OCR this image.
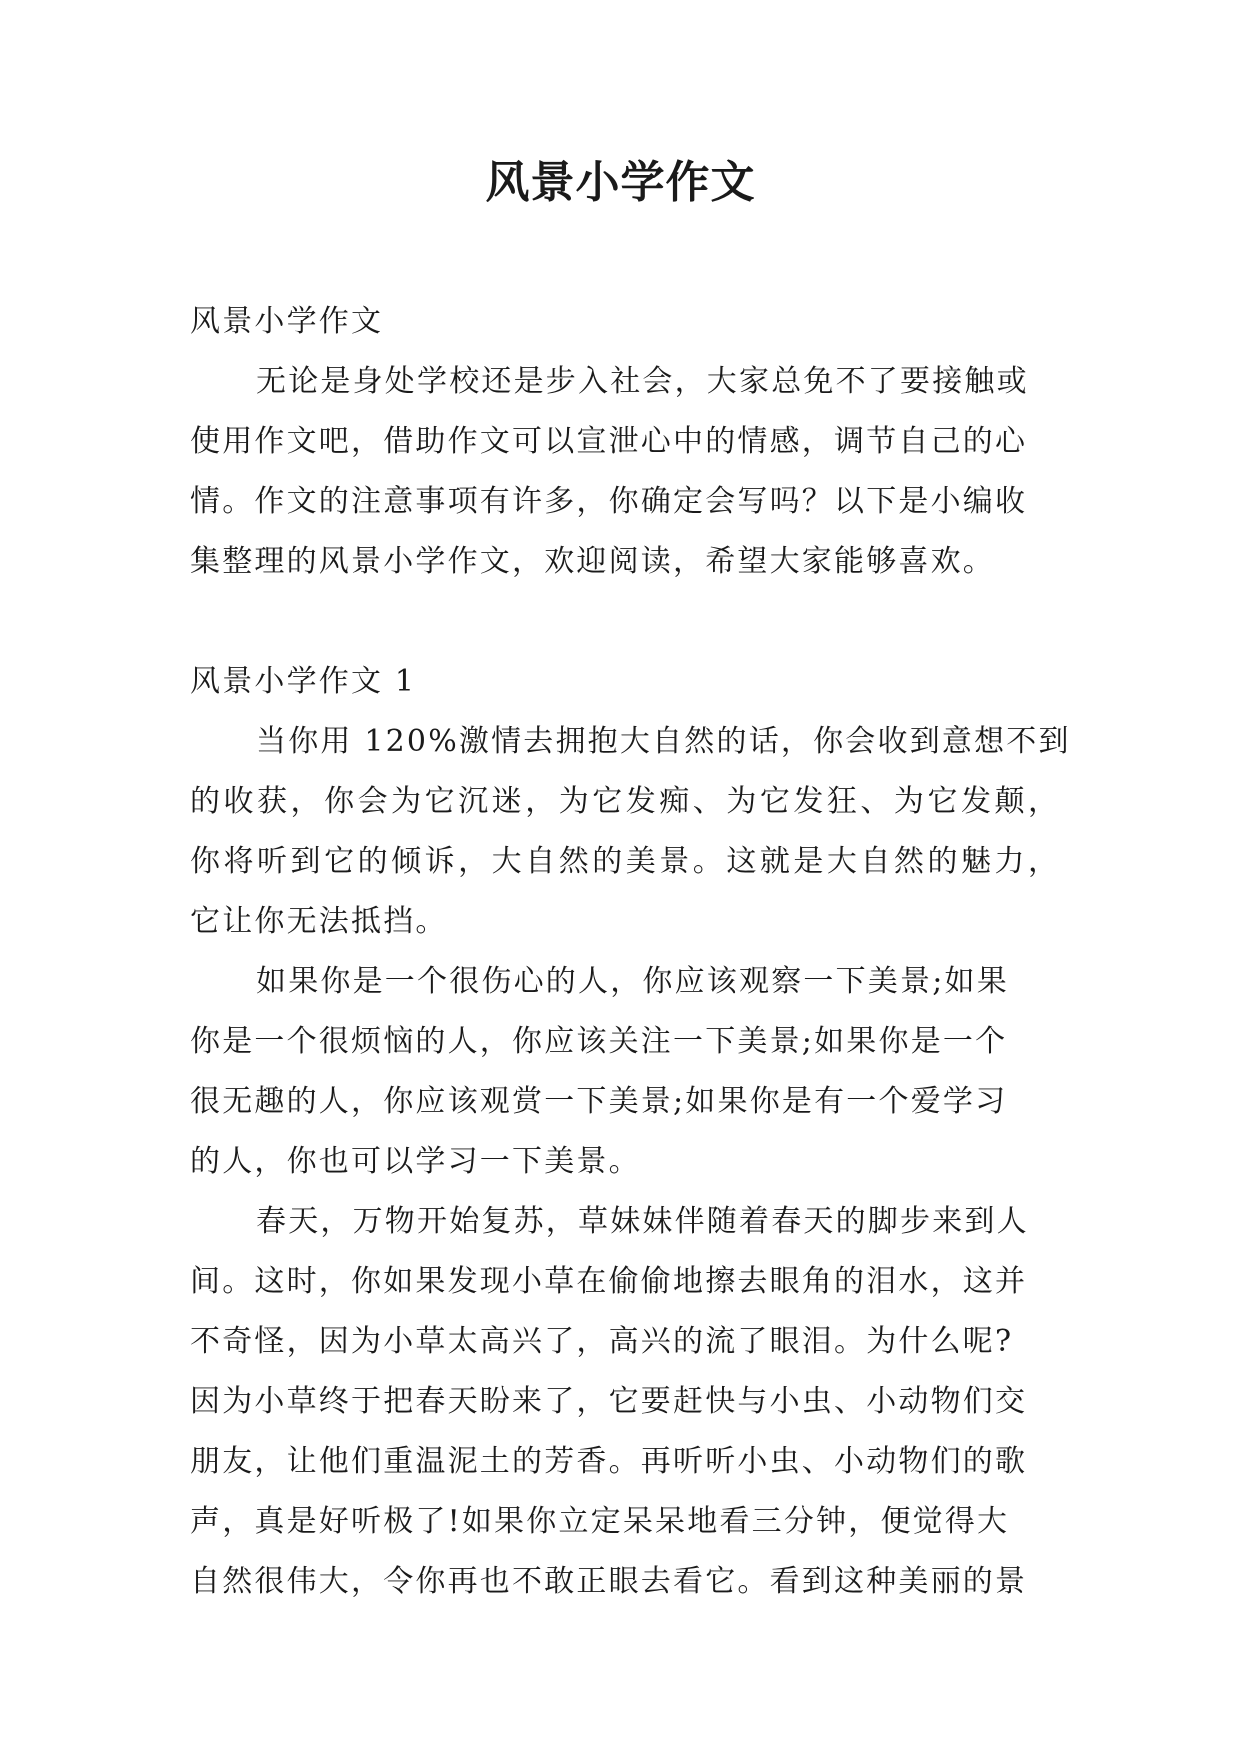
风景小学作文
风景小学作文
无论是身处学校还是步入社会，大家总免不了要接触或
使用作文吧，借助作文可以宣泄心中的情感，调节自己的心
情。作文的注意事项有许多，你确定会写吗？以下是小编收
集整理的风景小学作文，欢迎阅读，希望大家能够喜欢。
风景小学作文 1
当你用 120%激情去拥抱大自然的话，你会收到意想不到
的收获，你会为它沉迷，为它发痴、为它发狂、为它发颠，
你将听到它的倾诉，大自然的美景。这就是大自然的魅力，
它让你无法抵挡。
如果你是一个很伤心的人，你应该观察一下美景;如果
你是一个很烦恼的人，你应该关注一下美景;如果你是一个
很无趣的人，你应该观赏一下美景;如果你是有一个爱学习
的人，你也可以学习一下美景。
春天，万物开始复苏，草妹妹伴随着春天的脚步来到人
间。这时，你如果发现小草在偷偷地擦去眼角的泪水，这并
不奇怪，因为小草太高兴了，高兴的流了眼泪。为什么呢?
因为小草终于把春天盼来了，它要赶快与小虫、小动物们交
朋友，让他们重温泥土的芳香。再听听小虫、小动物们的歌
声，真是好听极了!如果你立定呆呆地看三分钟，便觉得大
自然很伟大，令你再也不敢正眼去看它。看到这种美丽的景
